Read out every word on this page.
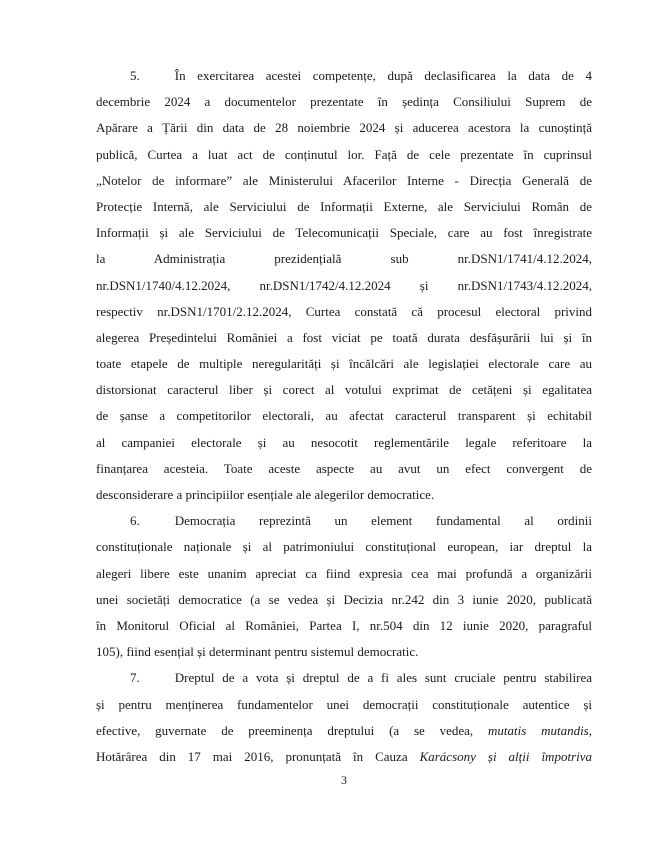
5.	În exercitarea acestei competențe, după declasificarea la data de 4
decembrie 2024 a documentelor prezentate în ședința Consiliului Suprem de
Apărare a Țării din data de 28 noiembrie 2024 și aducerea acestora la cunoștință
publică, Curtea a luat act de conținutul lor. Față de cele prezentate în cuprinsul
„Notelor de informare” ale Ministerului Afacerilor Interne - Direcția Generală de
Protecție Internă, ale Serviciului de Informații Externe, ale Serviciului Român de
Informații și ale Serviciului de Telecomunicații Speciale, care au fost înregistrate
la Administrația prezidențială sub nr.DSN1/1741/4.12.2024,
nr.DSN1/1740/4.12.2024, nr.DSN1/1742/4.12.2024 și nr.DSN1/1743/4.12.2024,
respectiv nr.DSN1/1701/2.12.2024, Curtea constată că procesul electoral privind
alegerea Președintelui României a fost viciat pe toată durata desfășurării lui și în
toate etapele de multiple neregularități și încălcări ale legislației electorale care au
distorsionat caracterul liber și corect al votului exprimat de cetățeni și egalitatea
de șanse a competitorilor electorali, au afectat caracterul transparent și echitabil
al campaniei electorale și au nesocotit reglementările legale referitoare la
finanțarea acesteia. Toate aceste aspecte au avut un efect convergent de
desconsiderare a principiilor esențiale ale alegerilor democratice.
6.	Democrația reprezintă un element fundamental al ordinii
constituționale naționale și al patrimoniului constituțional european, iar dreptul la
alegeri libere este unanim apreciat ca fiind expresia cea mai profundă a organizării
unei societăți democratice (a se vedea și Decizia nr.242 din 3 iunie 2020, publicată
în Monitorul Oficial al României, Partea I, nr.504 din 12 iunie 2020, paragraful
105), fiind esențial și determinant pentru sistemul democratic.
7.	Dreptul de a vota și dreptul de a fi ales sunt cruciale pentru stabilirea
și pentru menținerea fundamentelor unei democrații constituționale autentice și
efective, guvernate de preeminența dreptului (a se vedea, mutatis mutandis,
Hotărârea din 17 mai 2016, pronunțată în Cauza Karácsony și alții împotriva
3
